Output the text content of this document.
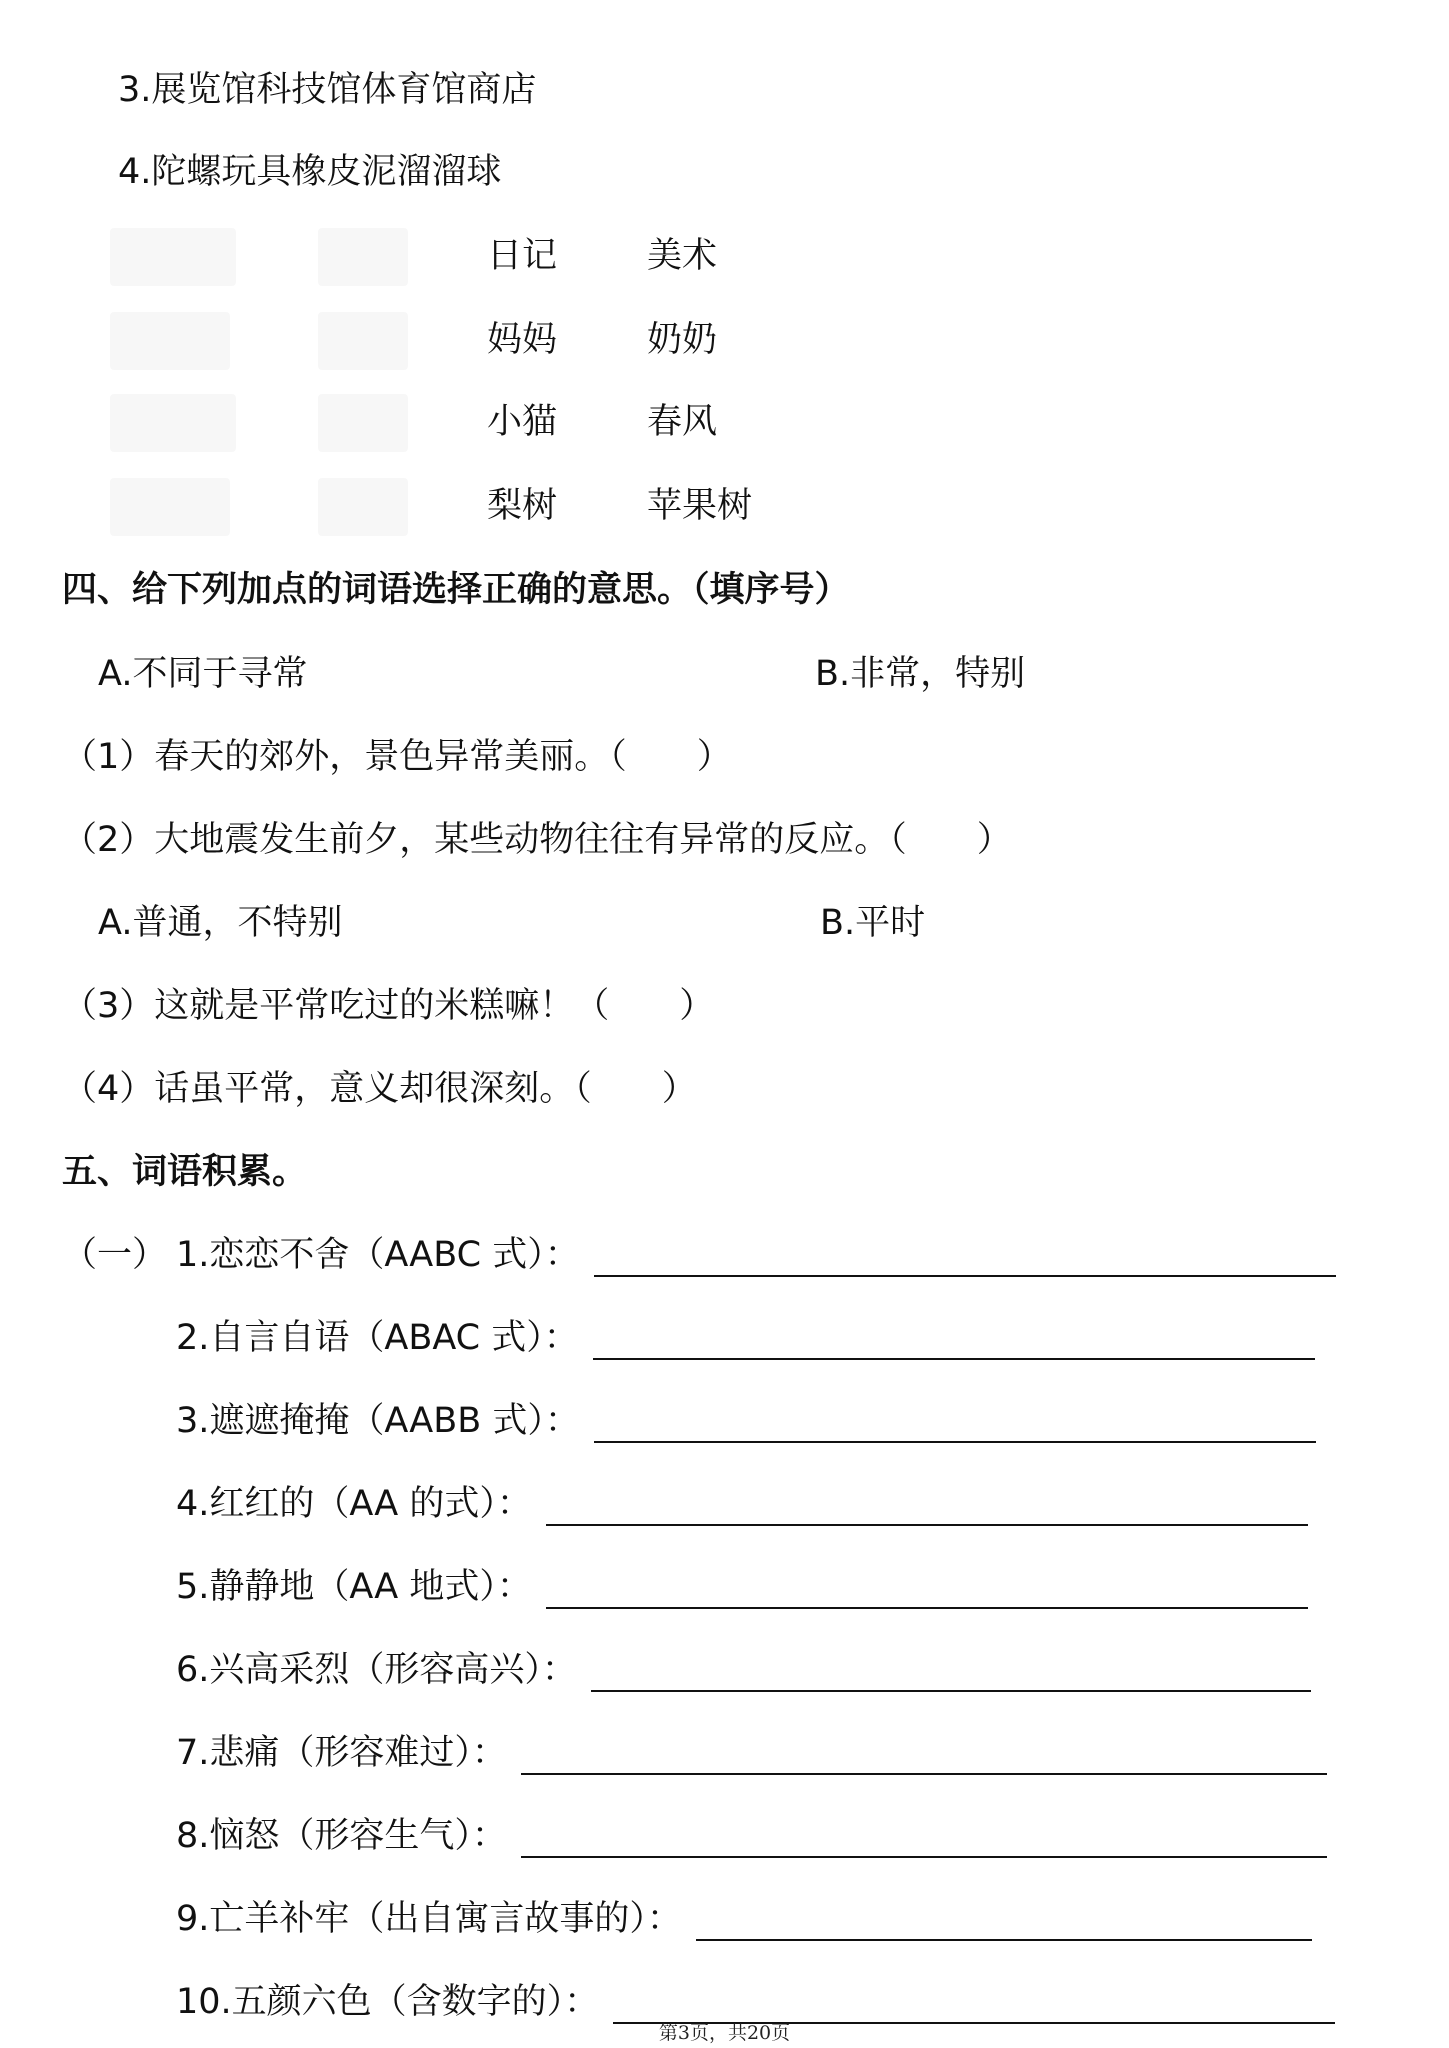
3.展览馆科技馆体育馆商店
4.陀螺玩具橡皮泥溜溜球
日记	美术
妈妈	奶奶
小猫	春风
梨树	苹果树
四、给下列加点的词语选择正确的意思。（填序号）
A.不同于寻常	B.非常，特别
（1）春天的郊外，景色异常美丽。（　　）
（2）大地震发生前夕，某些动物往往有异常的反应。（　　）
A.普通，不特别	B.平时
（3）这就是平常吃过的米糕嘛！（　　）
（4）话虽平常，意义却很深刻。（　　）
五、词语积累。
（一） 1.恋恋不舍（AABC 式）：
2.自言自语（ABAC 式）：
3.遮遮掩掩（AABB 式）：
4.红红的（AA 的式）：
5.静静地（AA 地式）：
6.兴高采烈（形容高兴）：
7.悲痛（形容难过）：
8.恼怒（形容生气）：
9.亡羊补牢（出自寓言故事的）：
10.五颜六色（含数字的）：
第3页，共20页
